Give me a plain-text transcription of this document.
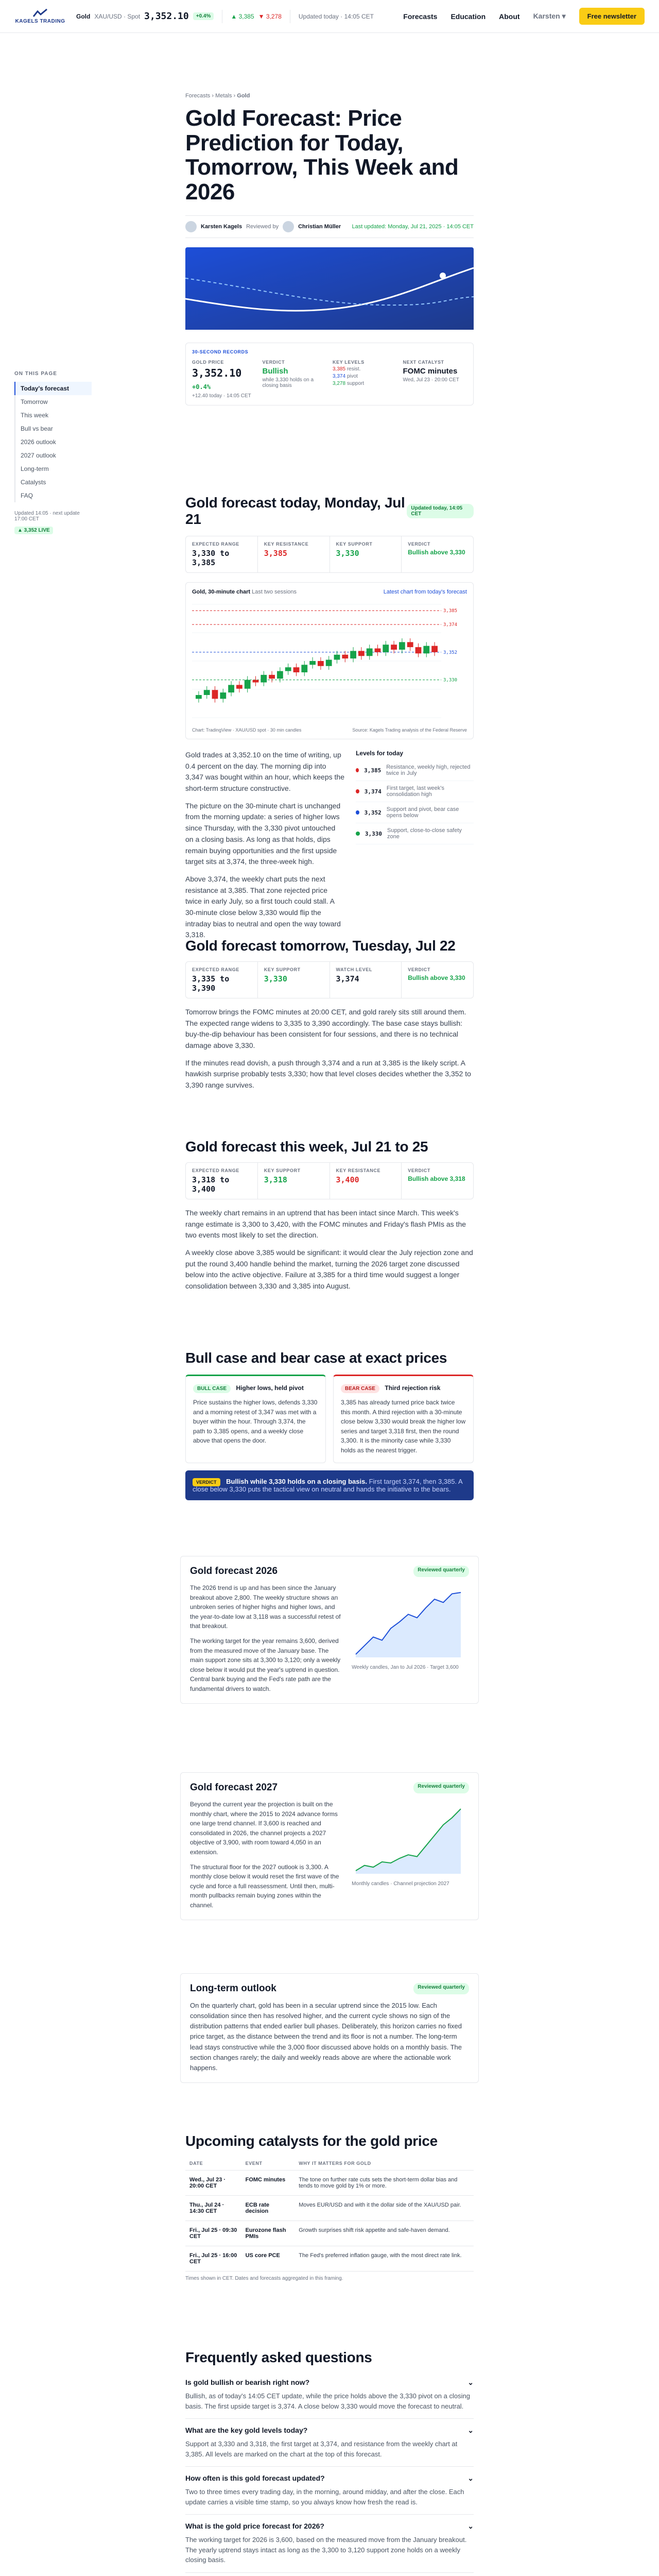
KAGELS TRADING
Gold XAU/USD · Spot 3,352.10	+0.4%	▲ 3,385 ▼ 3,278	Updated today · 14:05 CET	Forecasts Education About Karsten ▾	Free newsletter
ON THIS PAGE
Today's forecast
Tomorrow
This week
Bull vs bear
2026 outlook
2027 outlook
Long-term
Catalysts
FAQ
Updated 14:05 · next update 17:00 CET
▲ 3,352 LIVE
Forecasts › Metals › Gold
Gold Forecast: Price Prediction for Today, Tomorrow, This Week and 2026
Karsten Kagels Reviewed by	Christian Müller Last updated: Monday, Jul 21, 2025 · 14:05 CET
30-SECOND RECORDS
GOLD PRICE
3,352.10 +0.4%
+12.40 today · 14:05 CET
VERDICT
Bullish
while 3,330 holds on a closing basis
KEY LEVELS
3,385 resist.
3,374 pivot
3,278 support
NEXT CATALYST
FOMC minutes
Wed, Jul 23 · 20:00 CET
Gold forecast today, Monday, Jul 21
Updated today, 14:05 CET
EXPECTED RANGE
3,330 to 3,385
KEY RESISTANCE
3,385
KEY SUPPORT
3,330
VERDICT
Bullish above 3,330
Gold, 30-minute chart Last two sessions	Latest chart from today's forecast
3,385
3,374
3,352
3,330
Chart: TradingView · XAU/USD spot · 30 min candles	Source: Kagels Trading analysis of the Federal Reserve

Gold trades at 3,352.10 on the time of writing, up 0.4 percent on the day. The morning dip into 3,347 was bought within an hour, which keeps the short-term structure constructive.

The picture on the 30-minute chart is unchanged from the morning update: a series of higher lows since Thursday, with the 3,330 pivot untouched on a closing basis. As long as that holds, dips remain buying opportunities and the first upside target sits at 3,374, the three-week high.

Above 3,374, the weekly chart puts the next resistance at 3,385. That zone rejected price twice in early July, so a first touch could stall. A 30-minute close below 3,330 would flip the intraday bias to neutral and open the way toward 3,318.

Levels for today
3,385 Resistance, weekly high, rejected twice in July
3,374 First target, last week's consolidation high
3,352 Support and pivot, bear case opens below
3,330 Support, close-to-close safety zone
Gold forecast tomorrow, Tuesday, Jul 22
EXPECTED RANGE
3,335 to 3,390
KEY SUPPORT
3,330
WATCH LEVEL
3,374
VERDICT
Bullish above 3,330

Tomorrow brings the FOMC minutes at 20:00 CET, and gold rarely sits still around them. The expected range widens to 3,335 to 3,390 accordingly. The base case stays bullish: buy-the-dip behaviour has been consistent for four sessions, and there is no technical damage above 3,330.

If the minutes read dovish, a push through 3,374 and a run at 3,385 is the likely script. A hawkish surprise probably tests 3,330; how that level closes decides whether the 3,352 to 3,390 range survives.

Gold forecast this week, Jul 21 to 25
EXPECTED RANGE
3,318 to 3,400
KEY SUPPORT
3,318
KEY RESISTANCE
3,400
VERDICT
Bullish above 3,318

The weekly chart remains in an uptrend that has been intact since March. This week's range estimate is 3,300 to 3,420, with the FOMC minutes and Friday's flash PMIs as the two events most likely to set the direction.

A weekly close above 3,385 would be significant: it would clear the July rejection zone and put the round 3,400 handle behind the market, turning the 2026 target zone discussed below into the active objective. Failure at 3,385 for a third time would suggest a longer consolidation between 3,330 and 3,385 into August.

Bull case and bear case at exact prices
BULL CASE Higher lows, held pivot

Price sustains the higher lows, defends 3,330 and a morning retest of 3,347 was met with a buyer within the hour. Through 3,374, the path to 3,385 opens, and a weekly close above that opens the door.

BEAR CASE Third rejection risk

3,385 has already turned price back twice this month. A third rejection with a 30-minute close below 3,330 would break the higher low series and target 3,318 first, then the round 3,300. It is the minority case while 3,330 holds as the nearest trigger.

VERDICT Bullish while 3,330 holds on a closing basis. First target 3,374, then 3,385. A close below 3,330 puts the tactical view on neutral and hands the initiative to the bears.
Gold forecast 2026	Reviewed quarterly

The 2026 trend is up and has been since the January breakout above 2,800. The weekly structure shows an unbroken series of higher highs and higher lows, and the year-to-date low at 3,118 was a successful retest of that breakout.

The working target for the year remains 3,600, derived from the measured move of the January base. The main support zone sits at 3,300 to 3,120; only a weekly close below it would put the year's uptrend in question. Central bank buying and the Fed's rate path are the fundamental drivers to watch.

Weekly candles, Jan to Jul 2026 · Target 3,600
Gold forecast 2027	Reviewed quarterly

Beyond the current year the projection is built on the monthly chart, where the 2015 to 2024 advance forms one large trend channel. If 3,600 is reached and consolidated in 2026, the channel projects a 2027 objective of 3,900, with room toward 4,050 in an extension.

The structural floor for the 2027 outlook is 3,300. A monthly close below it would reset the first wave of the cycle and force a full reassessment. Until then, multi-month pullbacks remain buying zones within the channel.

Monthly candles · Channel projection 2027
Long-term outlook	Reviewed quarterly

On the quarterly chart, gold has been in a secular uptrend since the 2015 low. Each consolidation since then has resolved higher, and the current cycle shows no sign of the distribution patterns that ended earlier bull phases. Deliberately, this horizon carries no fixed price target, as the distance between the trend and its floor is not a number. The long-term lead stays constructive while the 3,000 floor discussed above holds on a monthly basis. The section changes rarely; the daily and weekly reads above are where the actionable work happens.

Upcoming catalysts for the gold price
DATE	EVENT	WHY IT MATTERS FOR GOLD
Wed., Jul 23 · 20:00 CET	FOMC minutes	The tone on further rate cuts sets the short-term dollar bias and tends to move gold by 1% or more.
Thu., Jul 24 · 14:30 CET	ECB rate decision	Moves EUR/USD and with it the dollar side of the XAU/USD pair.
Fri., Jul 25 · 09:30 CET	Eurozone flash PMIs	Growth surprises shift risk appetite and safe-haven demand.
Fri., Jul 25 · 16:00 CET	US core PCE	The Fed's preferred inflation gauge, with the most direct rate link.
Times shown in CET. Dates and forecasts aggregated in this framing.
Frequently asked questions
Is gold bullish or bearish right now?	⌄
Bullish, as of today's 14:05 CET update, while the price holds above the 3,330 pivot on a closing basis. The first upside target is 3,374. A close below 3,330 would move the forecast to neutral.
What are the key gold levels today?	⌄
Support at 3,330 and 3,318, the first target at 3,374, and resistance from the weekly chart at 3,385. All levels are marked on the chart at the top of this forecast.
How often is this gold forecast updated?	⌄
Two to three times every trading day, in the morning, around midday, and after the close. Each update carries a visible time stamp, so you always know how fresh the read is.
What is the gold price forecast for 2026?	⌄
The working target for 2026 is 3,600, based on the measured move from the January breakout. The yearly uptrend stays intact as long as the 3,300 to 3,120 support zone holds on a weekly closing basis.
